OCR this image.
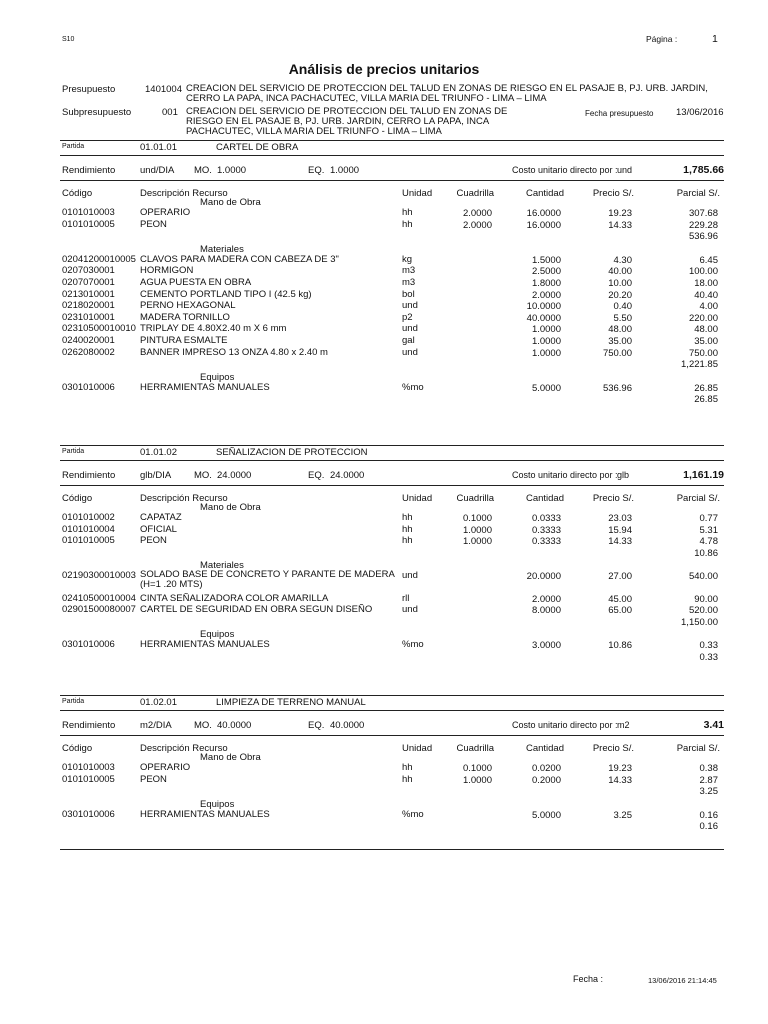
S10	Página :	1
Análisis de precios unitarios
Presupuesto	1401004 CREACION DEL SERVICIO DE PROTECCION DEL TALUD EN ZONAS DE RIESGO EN EL PASAJE B, PJ. URB. JARDIN, CERRO LA PAPA, INCA PACHACUTEC, VILLA MARIA DEL TRIUNFO - LIMA – LIMA
Subpresupuesto	001 CREACION DEL SERVICIO DE PROTECCION DEL TALUD EN ZONAS DE RIESGO EN EL PASAJE B, PJ. URB. JARDIN, CERRO LA PAPA, INCA PACHACUTEC, VILLA MARIA DEL TRIUNFO - LIMA – LIMA
Fecha presupuesto 13/06/2016
Partida	01.01.01	CARTEL DE OBRA
Rendimiento	und/DIA MO. 1.0000	EQ. 1.0000	Costo unitario directo por : und	1,785.66
Código	Descripción Recurso	Unidad	Cuadrilla	Cantidad	Precio S/.	Parcial S/.
Mano de Obra
0101010003	OPERARIO	hh	2.0000	16.0000	19.23	307.68
0101010005	PEON	hh	2.0000	16.0000	14.33	229.28
536.96
Materiales
02041200010005 CLAVOS PARA MADERA CON CABEZA DE 3"	kg	1.5000	4.30	6.45
0207030001	HORMIGON	m3	2.5000	40.00	100.00
0207070001	AGUA PUESTA EN OBRA	m3	1.8000	10.00	18.00
0213010001	CEMENTO PORTLAND TIPO I (42.5 kg)	bol	2.0000	20.20	40.40
0218020001	PERNO HEXAGONAL	und	10.0000	0.40	4.00
0231010001	MADERA TORNILLO	p2	40.0000	5.50	220.00
02310500010010 TRIPLAY DE 4.80X2.40 m X 6 mm	und	1.0000	48.00	48.00
0240020001	PINTURA ESMALTE	gal	1.0000	35.00	35.00
0262080002	BANNER IMPRESO 13 ONZA 4.80 x 2.40 m	und	1.0000	750.00	750.00
1,221.85
Equipos
0301010006	HERRAMIENTAS MANUALES	%mo	5.0000	536.96	26.85
26.85
Partida	01.01.02	SEÑALIZACION DE PROTECCION
Rendimiento	glb/DIA MO. 24.0000	EQ. 24.0000	Costo unitario directo por : glb	1,161.19
Código	Descripción Recurso	Unidad	Cuadrilla	Cantidad	Precio S/.	Parcial S/.
Mano de Obra
0101010002	CAPATAZ	hh	0.1000	0.0333	23.03	0.77
0101010004	OFICIAL	hh	1.0000	0.3333	15.94	5.31
0101010005	PEON	hh	1.0000	0.3333	14.33	4.78
10.86
Materiales
02190300010003 SOLADO BASE DE CONCRETO Y PARANTE DE MADERA (H=1 .20 MTS)
und	20.0000	27.00	540.00
02410500010004 CINTA SEÑALIZADORA COLOR AMARILLA	rll	2.0000	45.00	90.00
02901500080007 CARTEL DE SEGURIDAD EN OBRA SEGUN DISEÑO	und	8.0000	65.00	520.00
1,150.00
Equipos
0301010006	HERRAMIENTAS MANUALES	%mo	3.0000	10.86	0.33
0.33
Partida	01.02.01	LIMPIEZA DE TERRENO MANUAL
Rendimiento	m2/DIA MO. 40.0000	EQ. 40.0000	Costo unitario directo por : m2	3.41
Código	Descripción Recurso	Unidad	Cuadrilla	Cantidad	Precio S/.	Parcial S/.
Mano de Obra
0101010003	OPERARIO	hh	0.1000	0.0200	19.23	0.38
0101010005	PEON	hh	1.0000	0.2000	14.33	2.87
3.25
Equipos
0301010006	HERRAMIENTAS MANUALES	%mo	5.0000	3.25	0.16
0.16
Fecha :	13/06/2016 21:14:45
